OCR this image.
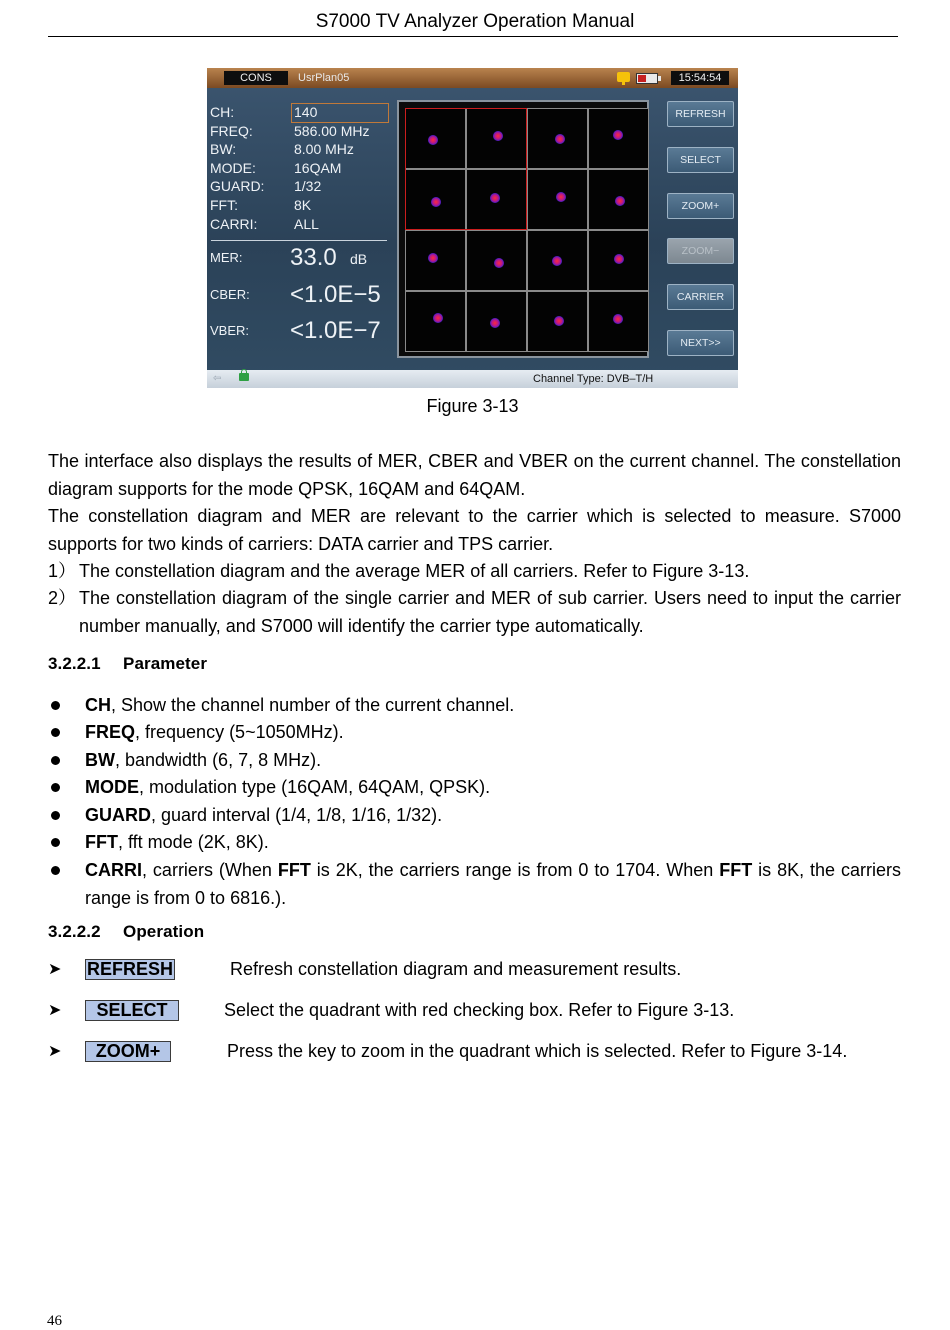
S7000 TV Analyzer Operation Manual
CONS	UsrPlan05	15:54:54
CH:	140
FREQ:	586.00 MHz
BW:	8.00 MHz
MODE:	16QAM
GUARD:	1/32
FFT:	8K
CARRI:	ALL
MER:	33.0 dB
CBER:	<1.0E−5
VBER:	<1.0E−7
REFRESH
SELECT
ZOOM+
ZOOM−
CARRIER
NEXT>>
⇦	Channel Type: DVB–T/H
Figure 3-13
The interface also displays the results of MER, CBER and VBER on the current channel. The constellation diagram supports for the mode QPSK, 16QAM and 64QAM.
The constellation diagram and MER are relevant to the carrier which is selected to measure. S7000 supports for two kinds of carriers: DATA carrier and TPS carrier.
1） The constellation diagram and the average MER of all carriers. Refer to Figure 3-13.
2） The constellation diagram of the single carrier and MER of sub carrier. Users need to input the carrier number manually, and S7000 will identify the carrier type automatically.
3.2.2.1 Parameter
CH, Show the channel number of the current channel.
FREQ, frequency (5~1050MHz).
BW, bandwidth (6, 7, 8 MHz).
MODE, modulation type (16QAM, 64QAM, QPSK).
GUARD, guard interval (1/4, 1/8, 1/16, 1/32).
FFT, fft mode (2K, 8K).
CARRI, carriers (When FFT is 2K, the carriers range is from 0 to 1704. When FFT is 8K, the carriers range is from 0 to 6816.).
3.2.2.2 Operation
➤ REFRESH	Refresh constellation diagram and measurement results.
➤	SELECT	Select the quadrant with red checking box. Refer to Figure 3-13.
➤	ZOOM+	Press the key to zoom in the quadrant which is selected. Refer to Figure 3-14.
46
